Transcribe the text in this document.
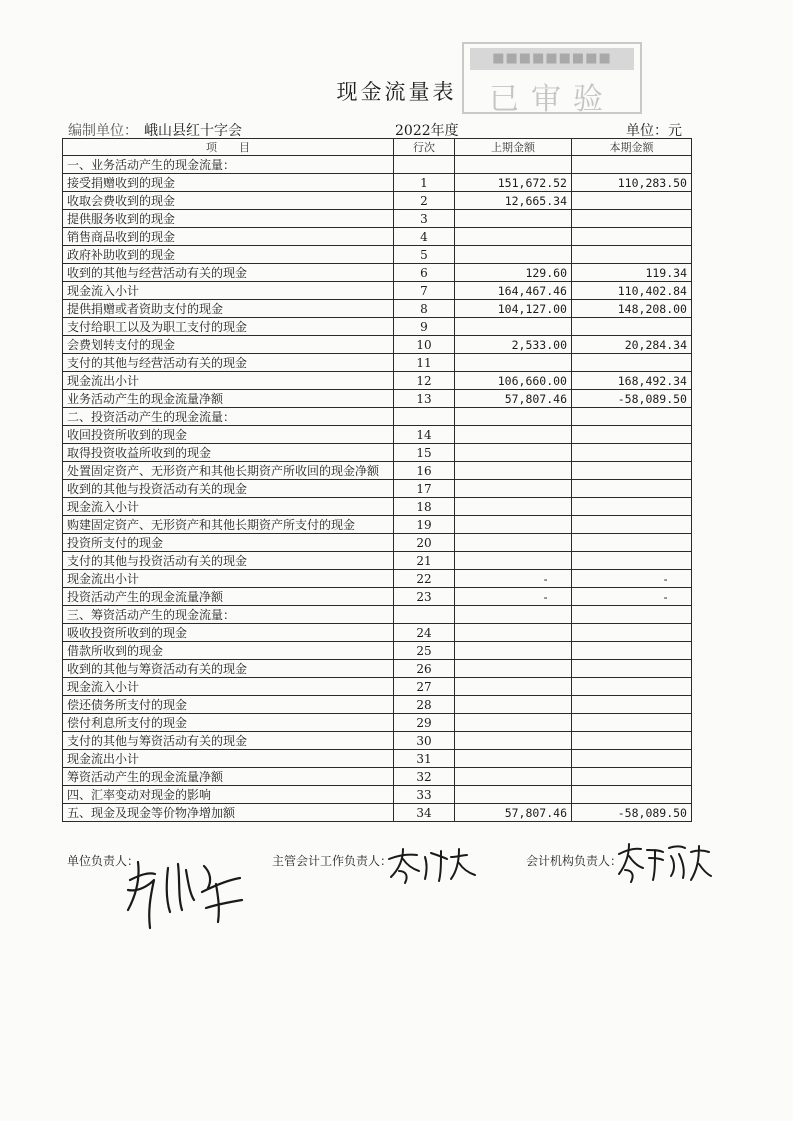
■■■■■■■■■
已审验
现金流量表
编制单位： 峨山县红十字会	2022年度	单位：元
项　　目	行次	上期金额	本期金额
一、业务活动产生的现金流量：			
接受捐赠收到的现金	1	151,672.52	110,283.50
收取会费收到的现金	2	12,665.34	
提供服务收到的现金	3		
销售商品收到的现金	4		
政府补助收到的现金	5		
收到的其他与经营活动有关的现金	6	129.60	119.34
现金流入小计	7	164,467.46	110,402.84
提供捐赠或者资助支付的现金	8	104,127.00	148,208.00
支付给职工以及为职工支付的现金	9		
会费划转支付的现金	10	2,533.00	20,284.34
支付的其他与经营活动有关的现金	11		
现金流出小计	12	106,660.00	168,492.34
业务活动产生的现金流量净额	13	57,807.46	-58,089.50
二、投资活动产生的现金流量：			
收回投资所收到的现金	14		
取得投资收益所收到的现金	15		
处置固定资产、无形资产和其他长期资产所收回的现金净额	16		
收到的其他与投资活动有关的现金	17		
现金流入小计	18		
购建固定资产、无形资产和其他长期资产所支付的现金	19		
投资所支付的现金	20		
支付的其他与投资活动有关的现金	21		
现金流出小计	22	-	-
投资活动产生的现金流量净额	23	-	-
三、筹资活动产生的现金流量：			
吸收投资所收到的现金	24		
借款所收到的现金	25		
收到的其他与筹资活动有关的现金	26		
现金流入小计	27		
偿还债务所支付的现金	28		
偿付利息所支付的现金	29		
支付的其他与筹资活动有关的现金	30		
现金流出小计	31		
筹资活动产生的现金流量净额	32		
四、汇率变动对现金的影响	33		
五、现金及现金等价物净增加额	34	57,807.46	-58,089.50
单位负责人：	主管会计工作负责人：	会计机构负责人：
